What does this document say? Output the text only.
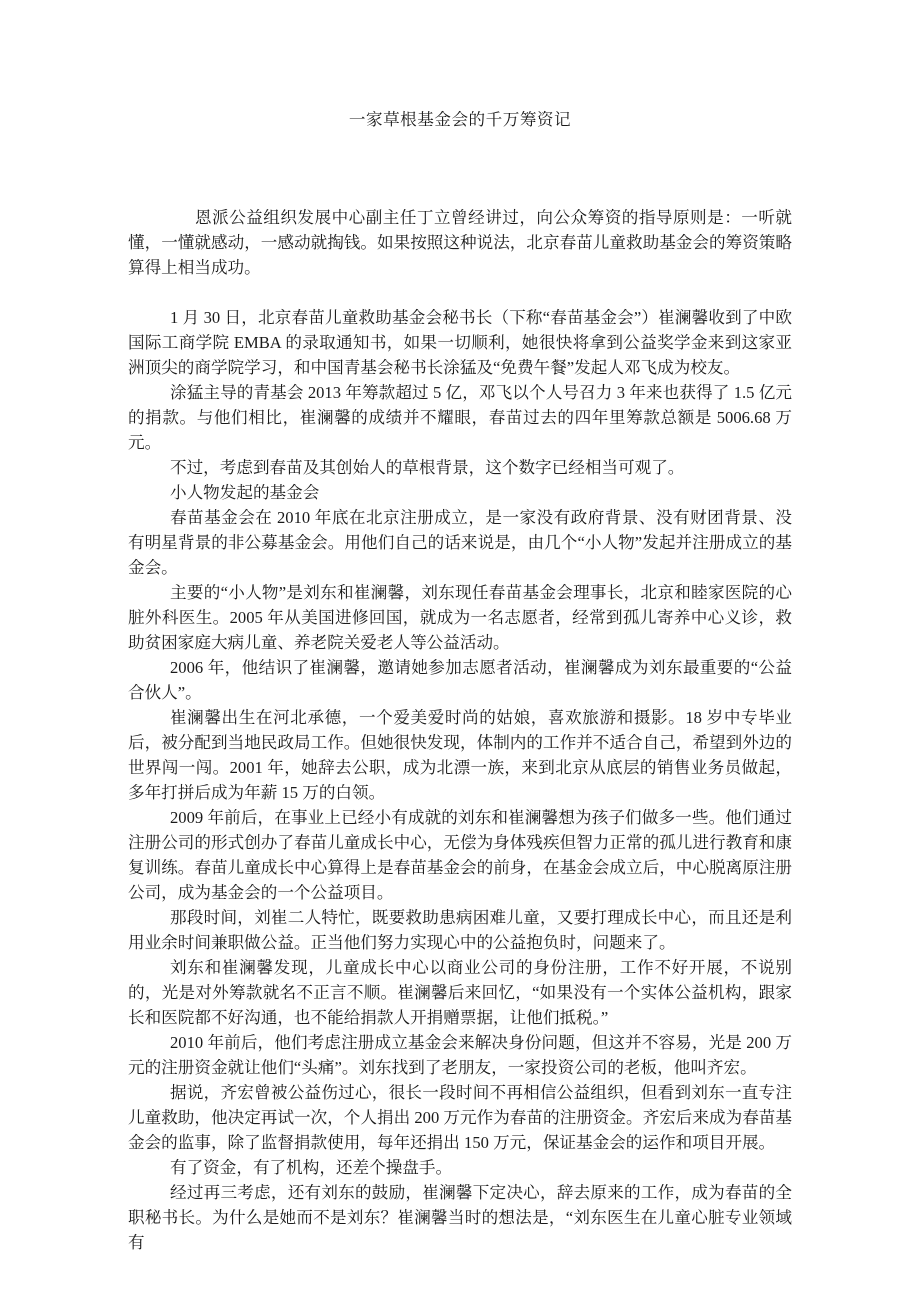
一家草根基金会的千万筹资记

恩派公益组织发展中心副主任丁立曾经讲过，向公众筹资的指导原则是：一听就懂，一懂就感动，一感动就掏钱。如果按照这种说法，北京春苗儿童救助基金会的筹资策略算得上相当成功。

1 月 30 日，北京春苗儿童救助基金会秘书长（下称“春苗基金会”）崔澜馨收到了中欧国际工商学院 EMBA 的录取通知书，如果一切顺利，她很快将拿到公益奖学金来到这家亚洲顶尖的商学院学习，和中国青基会秘书长涂猛及“免费午餐”发起人邓飞成为校友。

涂猛主导的青基会 2013 年筹款超过 5 亿，邓飞以个人号召力 3 年来也获得了 1.5 亿元的捐款。与他们相比，崔澜馨的成绩并不耀眼，春苗过去的四年里筹款总额是 5006.68 万元。

不过，考虑到春苗及其创始人的草根背景，这个数字已经相当可观了。

小人物发起的基金会

春苗基金会在 2010 年底在北京注册成立，是一家没有政府背景、没有财团背景、没有明星背景的非公募基金会。用他们自己的话来说是，由几个“小人物”发起并注册成立的基金会。

主要的“小人物”是刘东和崔澜馨，刘东现任春苗基金会理事长，北京和睦家医院的心脏外科医生。2005 年从美国进修回国，就成为一名志愿者，经常到孤儿寄养中心义诊，救助贫困家庭大病儿童、养老院关爱老人等公益活动。

2006 年，他结识了崔澜馨，邀请她参加志愿者活动，崔澜馨成为刘东最重要的“公益合伙人”。

崔澜馨出生在河北承德，一个爱美爱时尚的姑娘，喜欢旅游和摄影。18 岁中专毕业后，被分配到当地民政局工作。但她很快发现，体制内的工作并不适合自己，希望到外边的世界闯一闯。2001 年，她辞去公职，成为北漂一族，来到北京从底层的销售业务员做起，多年打拼后成为年薪 15 万的白领。

2009 年前后，在事业上已经小有成就的刘东和崔澜馨想为孩子们做多一些。他们通过注册公司的形式创办了春苗儿童成长中心，无偿为身体残疾但智力正常的孤儿进行教育和康复训练。春苗儿童成长中心算得上是春苗基金会的前身，在基金会成立后，中心脱离原注册公司，成为基金会的一个公益项目。

那段时间，刘崔二人特忙，既要救助患病困难儿童，又要打理成长中心，而且还是利用业余时间兼职做公益。正当他们努力实现心中的公益抱负时，问题来了。

刘东和崔澜馨发现，儿童成长中心以商业公司的身份注册，工作不好开展，不说别的，光是对外筹款就名不正言不顺。崔澜馨后来回忆，“如果没有一个实体公益机构，跟家长和医院都不好沟通，也不能给捐款人开捐赠票据，让他们抵税。”

2010 年前后，他们考虑注册成立基金会来解决身份问题，但这并不容易，光是 200 万元的注册资金就让他们“头痛”。刘东找到了老朋友，一家投资公司的老板，他叫齐宏。

据说，齐宏曾被公益伤过心，很长一段时间不再相信公益组织，但看到刘东一直专注儿童救助，他决定再试一次，个人捐出 200 万元作为春苗的注册资金。齐宏后来成为春苗基金会的监事，除了监督捐款使用，每年还捐出 150 万元，保证基金会的运作和项目开展。

有了资金，有了机构，还差个操盘手。

经过再三考虑，还有刘东的鼓励，崔澜馨下定决心，辞去原来的工作，成为春苗的全职秘书长。为什么是她而不是刘东？崔澜馨当时的想法是，“刘东医生在儿童心脏专业领域有
